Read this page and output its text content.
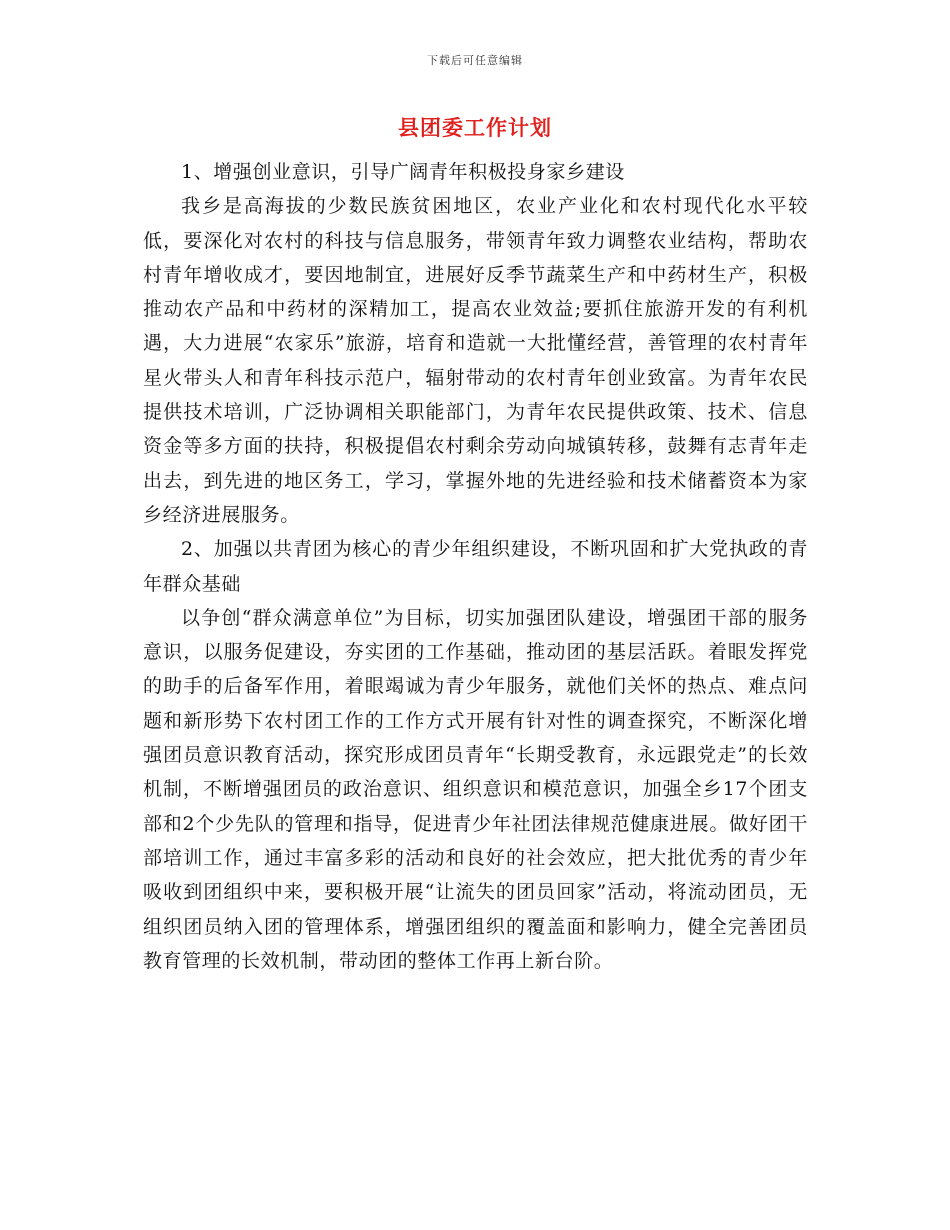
下载后可任意编辑
县团委工作计划

1、增强创业意识，引导广阔青年积极投身家乡建设

我乡是高海拔的少数民族贫困地区，农业产业化和农村现代化水平较低，要深化对农村的科技与信息服务，带领青年致力调整农业结构，帮助农村青年增收成才，要因地制宜，进展好反季节蔬菜生产和中药材生产，积极推动农产品和中药材的深精加工，提高农业效益;要抓住旅游开发的有利机遇，大力进展“农家乐”旅游，培育和造就一大批懂经营，善管理的农村青年星火带头人和青年科技示范户，辐射带动的农村青年创业致富。为青年农民提供技术培训，广泛协调相关职能部门，为青年农民提供政策、技术、信息资金等多方面的扶持，积极提倡农村剩余劳动向城镇转移，鼓舞有志青年走出去，到先进的地区务工，学习，掌握外地的先进经验和技术储蓄资本为家乡经济进展服务。

2、加强以共青团为核心的青少年组织建设，不断巩固和扩大党执政的青年群众基础

以争创“群众满意单位”为目标，切实加强团队建设，增强团干部的服务意识，以服务促建设，夯实团的工作基础，推动团的基层活跃。着眼发挥党的助手的后备军作用，着眼竭诚为青少年服务，就他们关怀的热点、难点问题和新形势下农村团工作的工作方式开展有针对性的调查探究，不断深化增强团员意识教育活动，探究形成团员青年“长期受教育，永远跟党走”的长效机制，不断增强团员的政治意识、组织意识和模范意识，加强全乡17个团支部和2个少先队的管理和指导，促进青少年社团法律规范健康进展。做好团干部培训工作，通过丰富多彩的活动和良好的社会效应，把大批优秀的青少年吸收到团组织中来，要积极开展“让流失的团员回家”活动，将流动团员，无组织团员纳入团的管理体系，增强团组织的覆盖面和影响力，健全完善团员教育管理的长效机制，带动团的整体工作再上新台阶。
